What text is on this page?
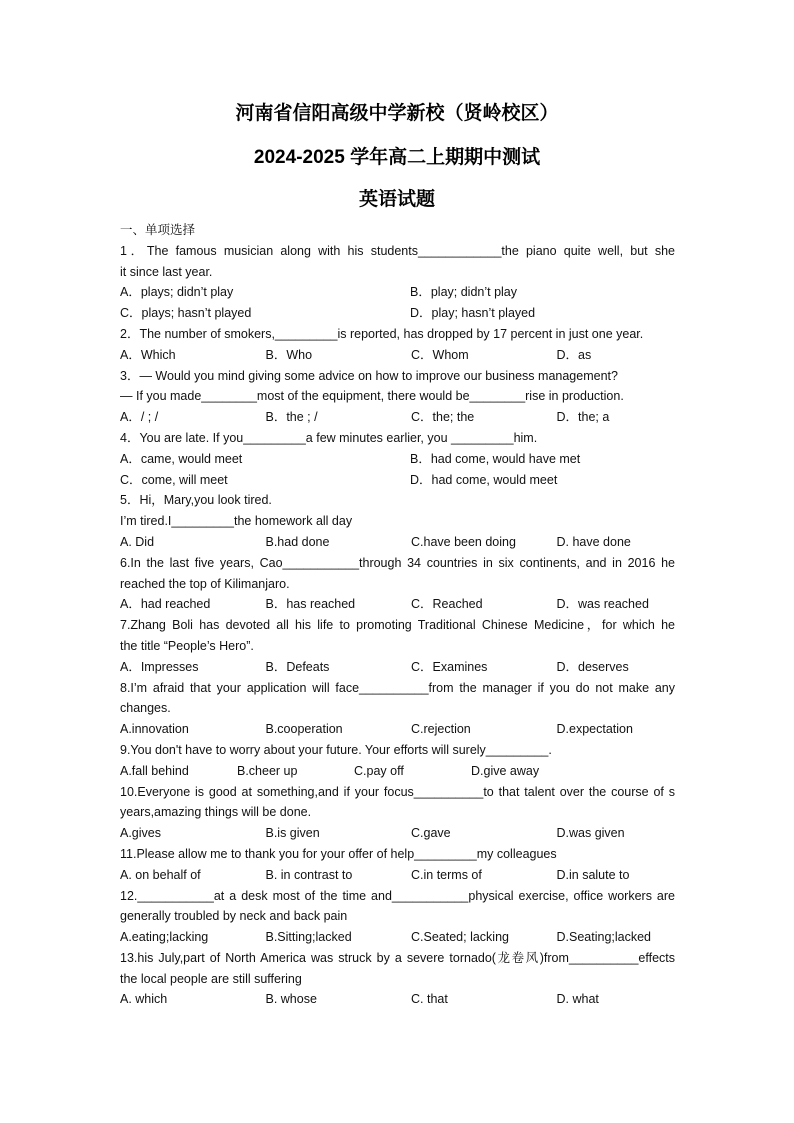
河南省信阳高级中学新校（贤岭校区）
2024-2025 学年高二上期期中测试
英语试题
一、单项选择
1．The famous musician along with his students____________the piano quite well, but she
it since last year.
A．plays; didn’t play	B．play; didn’t play
C．plays; hasn’t played	D．play; hasn’t played
2．The number of smokers,_________is reported, has dropped by 17 percent in just one year.
A．Which	B．Who	C．Whom	D．as
3．— Would you mind giving some advice on how to improve our business management?
— If you made________most of the equipment, there would be________rise in production.
A．/ ; /	B．the ; /	C．the; the	D．the; a
4．You are late. If you_________a few minutes earlier, you _________him.
A．came, would meet	B．had come, would have met
C．come, will meet	D．had come, would meet
5．Hi，Mary,you look tired.
I’m tired.I_________the homework all day
A. Did	B.had done	C.have been doing	D. have done
6.In the last five years, Cao___________through 34 countries in six continents, and in 2016 he
reached the top of Kilimanjaro.
A．had reached	B．has reached	C．Reached	D．was reached
7.Zhang Boli has devoted all his life to promoting Traditional Chinese Medicine，for which he
the title “People’s Hero”.
A．Impresses	B．Defeats	C．Examines	D．deserves
8.I’m afraid that your application will face__________from the manager if you do not make any
changes.
A.innovation	B.cooperation	C.rejection	D.expectation
9.You don't have to worry about your future. Your efforts will surely_________.
A.fall behind	B.cheer up	C.pay off	D.give away
10.Everyone is good at something,and if your focus__________to that talent over the course of s
years,amazing things will be done.
A.gives	B.is given	C.gave	D.was given
11.Please allow me to thank you for your offer of help_________my colleagues
A. on behalf of	B. in contrast to	C.in terms of	D.in salute to
12.___________at a desk most of the time and___________physical exercise, office workers are
generally troubled by neck and back pain
A.eating;lacking	B.Sitting;lacked	C.Seated; lacking	D.Seating;lacked
13.his July,part of North America was struck by a severe tornado(龙卷风)from__________effects
the local people are still suffering
A. which	B. whose	C. that	D. what
